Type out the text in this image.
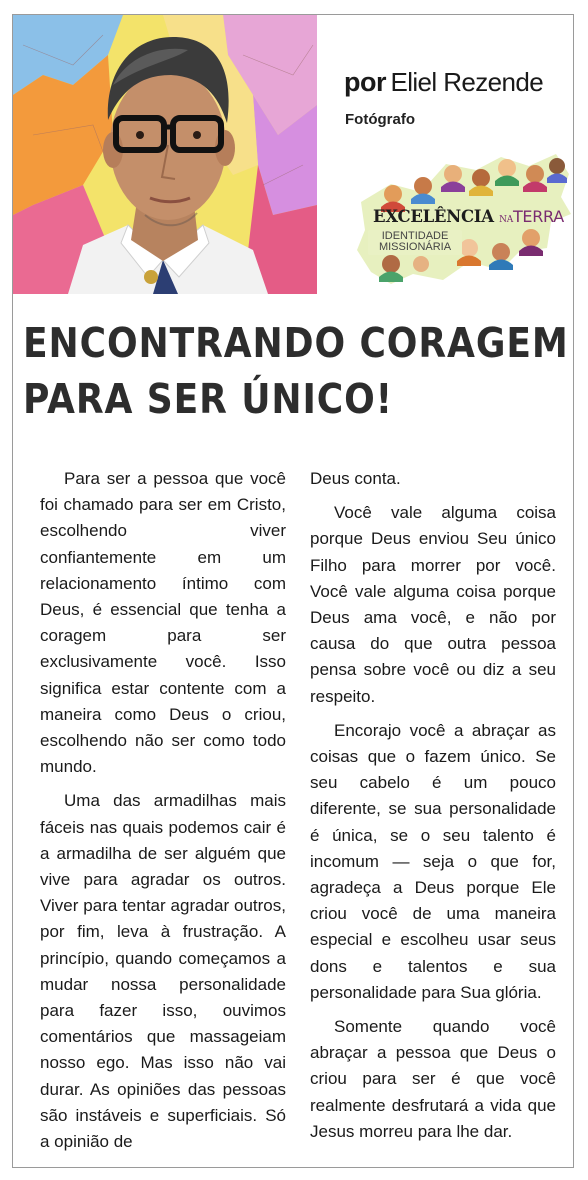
por Eliel Rezende
Fotógrafo
EXCELÊNCIA NATERRA
IDENTIDADE
MISSIONÁRIA
ENCONTRANDO CORAGEM
PARA SER ÚNICO!

Para ser a pessoa que você foi chamado para ser em Cristo, escolhendo viver confiantemente em um relacionamento íntimo com Deus, é essencial que tenha a coragem para ser exclusivamente você. Isso significa estar contente com a maneira como Deus o criou, escolhendo não ser como todo mundo.

Uma das armadilhas mais fáceis nas quais podemos cair é a armadilha de ser alguém que vive para agradar os outros. Viver para tentar agradar outros, por fim, leva à frustração. A princípio, quando começamos a mudar nossa personalidade para fazer isso, ouvimos comentários que massageiam nosso ego. Mas isso não vai durar. As opiniões das pessoas são instáveis e superficiais. Só a opinião de

Deus conta.

Você vale alguma coisa porque Deus enviou Seu único Filho para morrer por você. Você vale alguma coisa porque Deus ama você, e não por causa do que outra pessoa pensa sobre você ou diz a seu respeito.

Encorajo você a abraçar as coisas que o fazem único. Se seu cabelo é um pouco diferente, se sua personalidade é única, se o seu talento é incomum — seja o que for, agradeça a Deus porque Ele criou você de uma maneira especial e escolheu usar seus dons e talentos e sua personalidade para Sua glória.

Somente quando você abraçar a pessoa que Deus o criou para ser é que você realmente desfrutará a vida que Jesus morreu para lhe dar.
